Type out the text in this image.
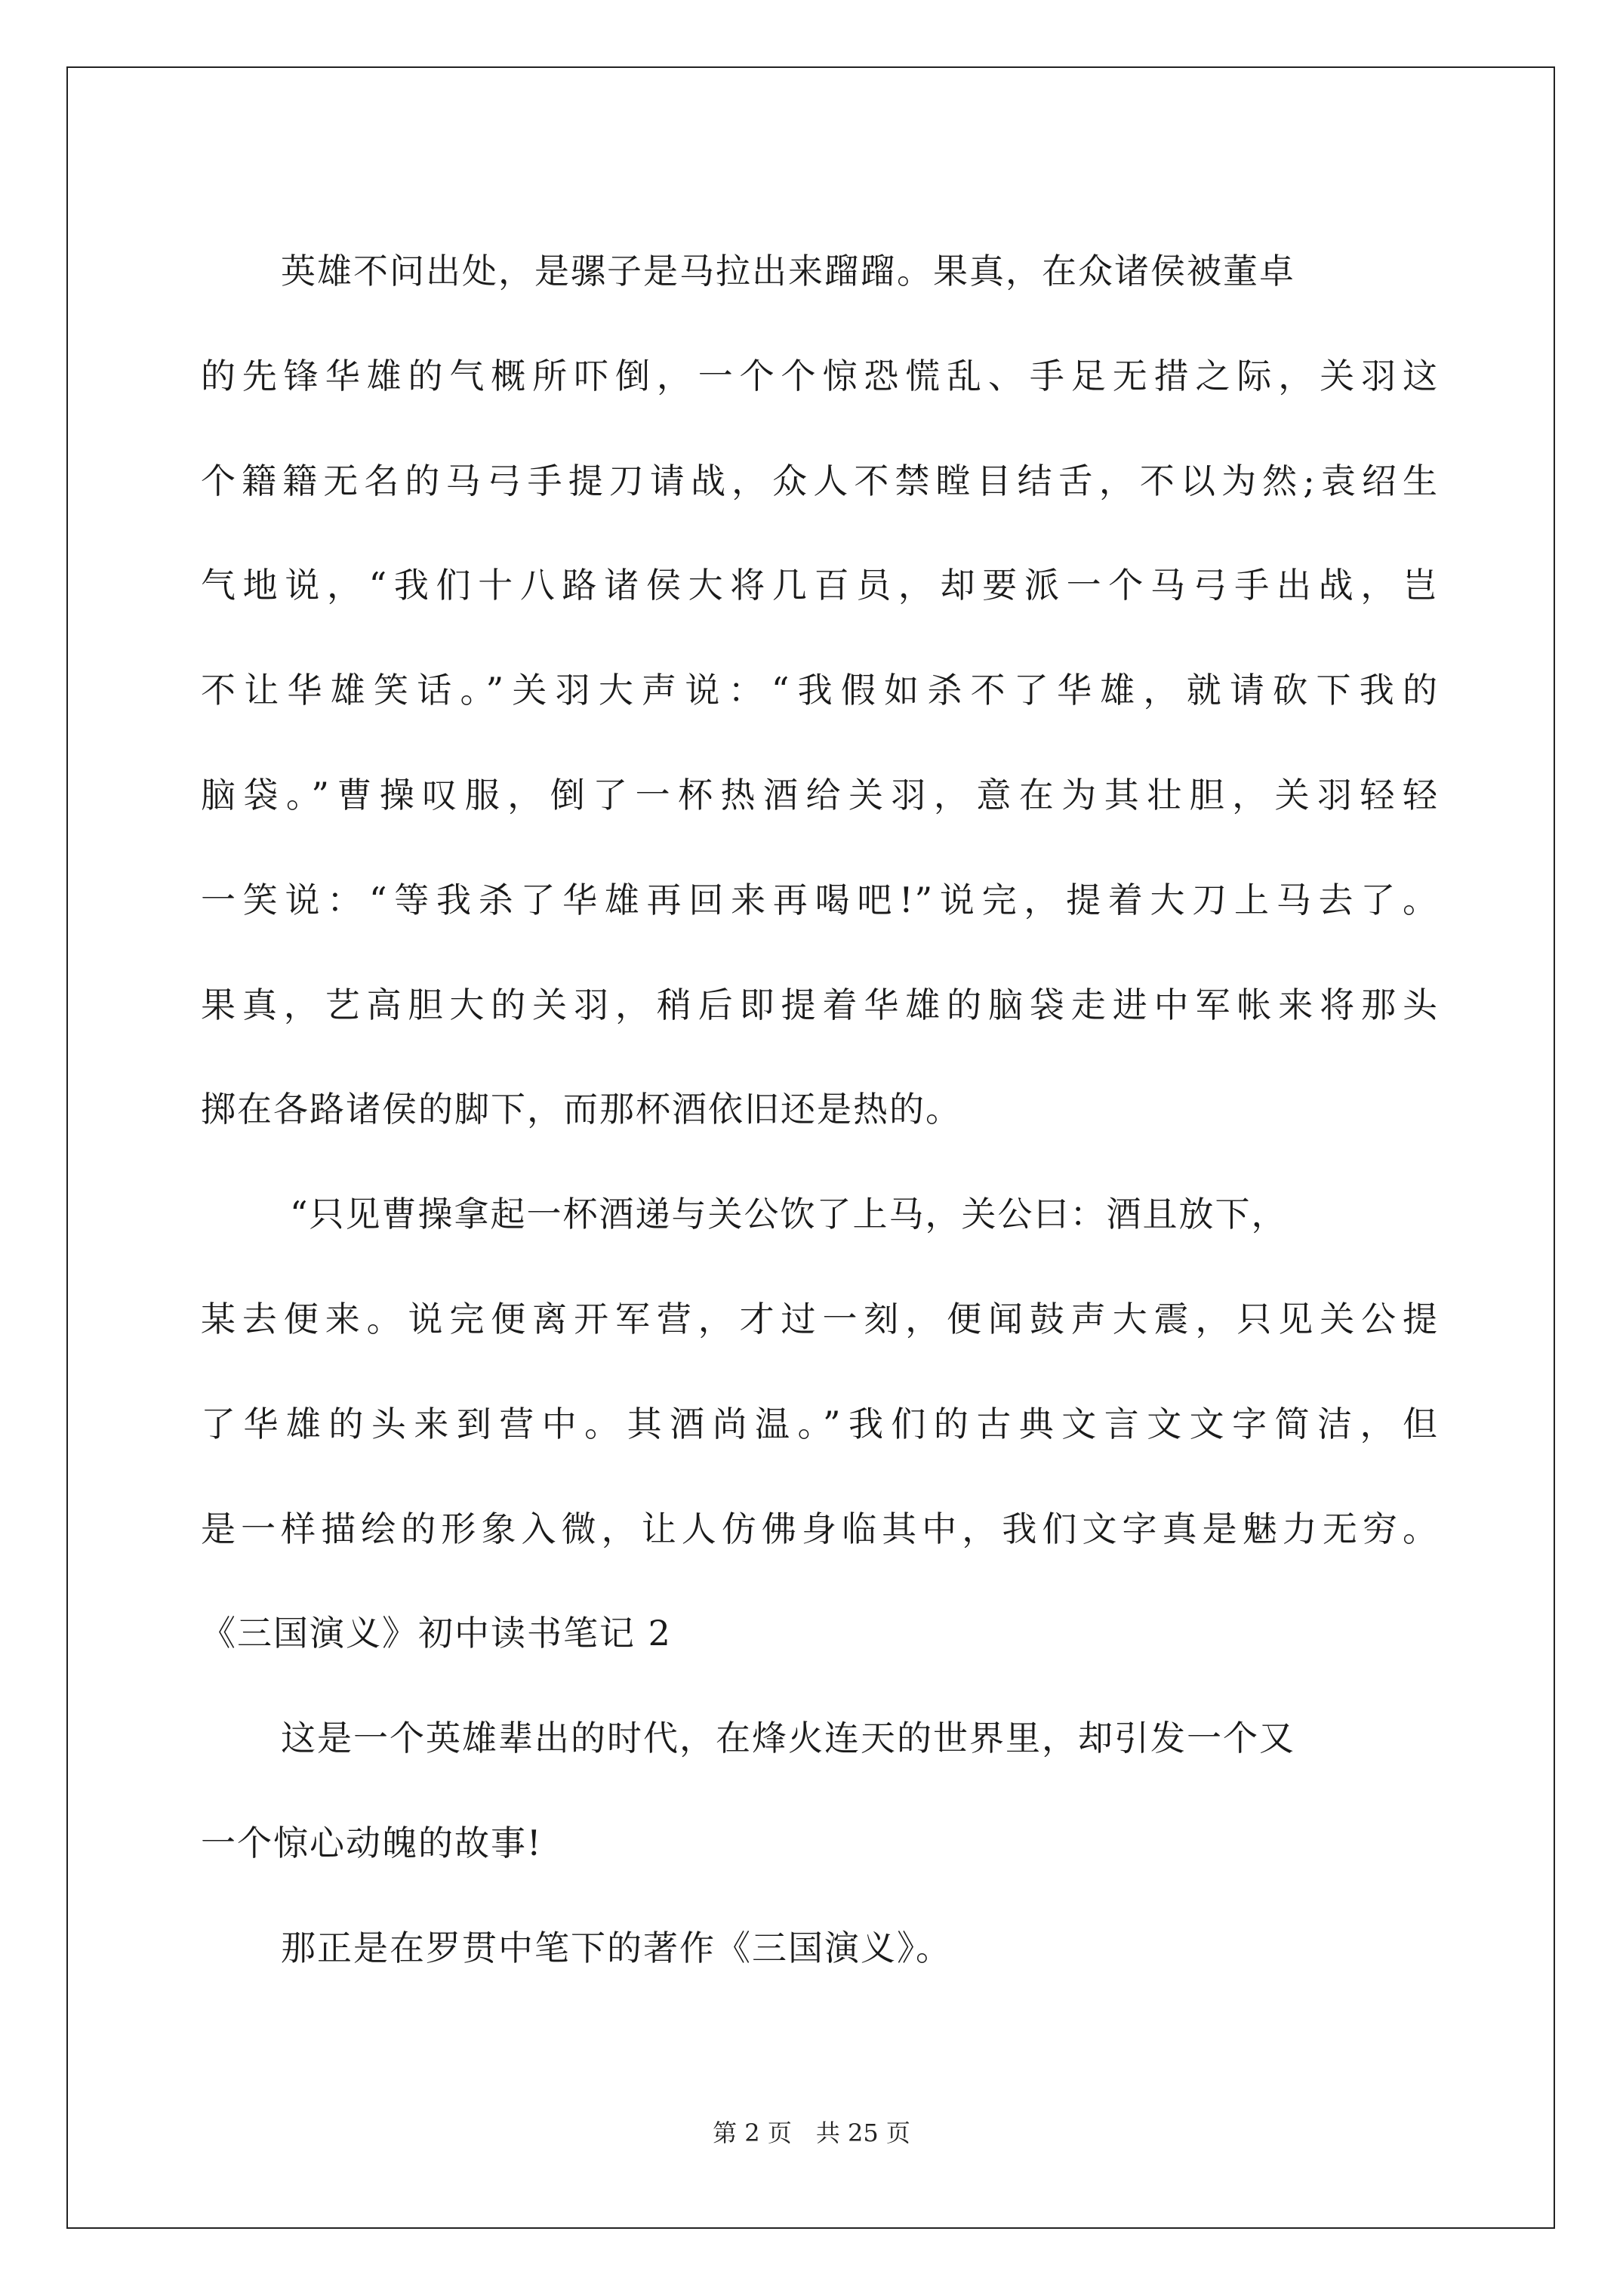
英雄不问出处，是骡子是马拉出来蹓蹓。果真，在众诸侯被董卓
的先锋华雄的气概所吓倒，一个个惊恐慌乱、手足无措之际，关羽这
个籍籍无名的马弓手提刀请战，众人不禁瞠目结舌，不以为然;袁绍生
气地说，“我们十八路诸侯大将几百员，却要派一个马弓手出战，岂
不让华雄笑话。”关羽大声说：“我假如杀不了华雄，就请砍下我的
脑袋。”曹操叹服，倒了一杯热酒给关羽，意在为其壮胆，关羽轻轻
一笑说：“等我杀了华雄再回来再喝吧!”说完，提着大刀上马去了。
果真，艺高胆大的关羽，稍后即提着华雄的脑袋走进中军帐来将那头
掷在各路诸侯的脚下，而那杯酒依旧还是热的。
“只见曹操拿起一杯酒递与关公饮了上马，关公曰：酒且放下，
某去便来。说完便离开军营，才过一刻，便闻鼓声大震，只见关公提
了华雄的头来到营中。其酒尚温。”我们的古典文言文文字简洁，但
是一样描绘的形象入微，让人仿佛身临其中，我们文字真是魅力无穷。
《三国演义》初中读书笔记 2
这是一个英雄辈出的时代，在烽火连天的世界里，却引发一个又
一个惊心动魄的故事!
那正是在罗贯中笔下的著作《三国演义》。
第 2 页　共 25 页
